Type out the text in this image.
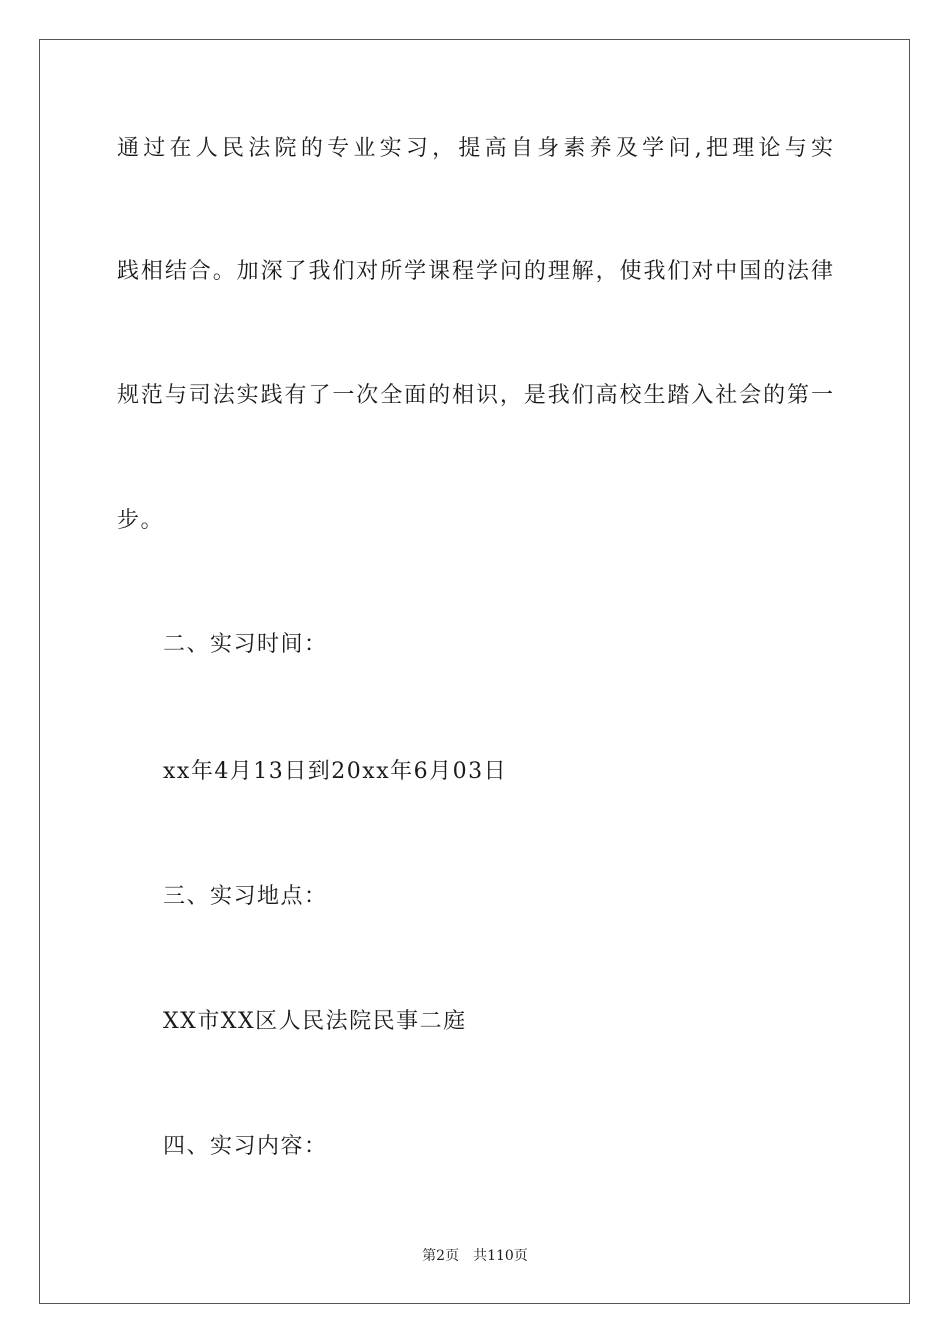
通过在人民法院的专业实习，提高自身素养及学问,把理论与实
践相结合。加深了我们对所学课程学问的理解，使我们对中国的法律
规范与司法实践有了一次全面的相识，是我们高校生踏入社会的第一
步。
二、实习时间：
xx年4月13日到20xx年6月03日
三、实习地点：
XX市XX区人民法院民事二庭
四、实习内容：
第2页 共110页
